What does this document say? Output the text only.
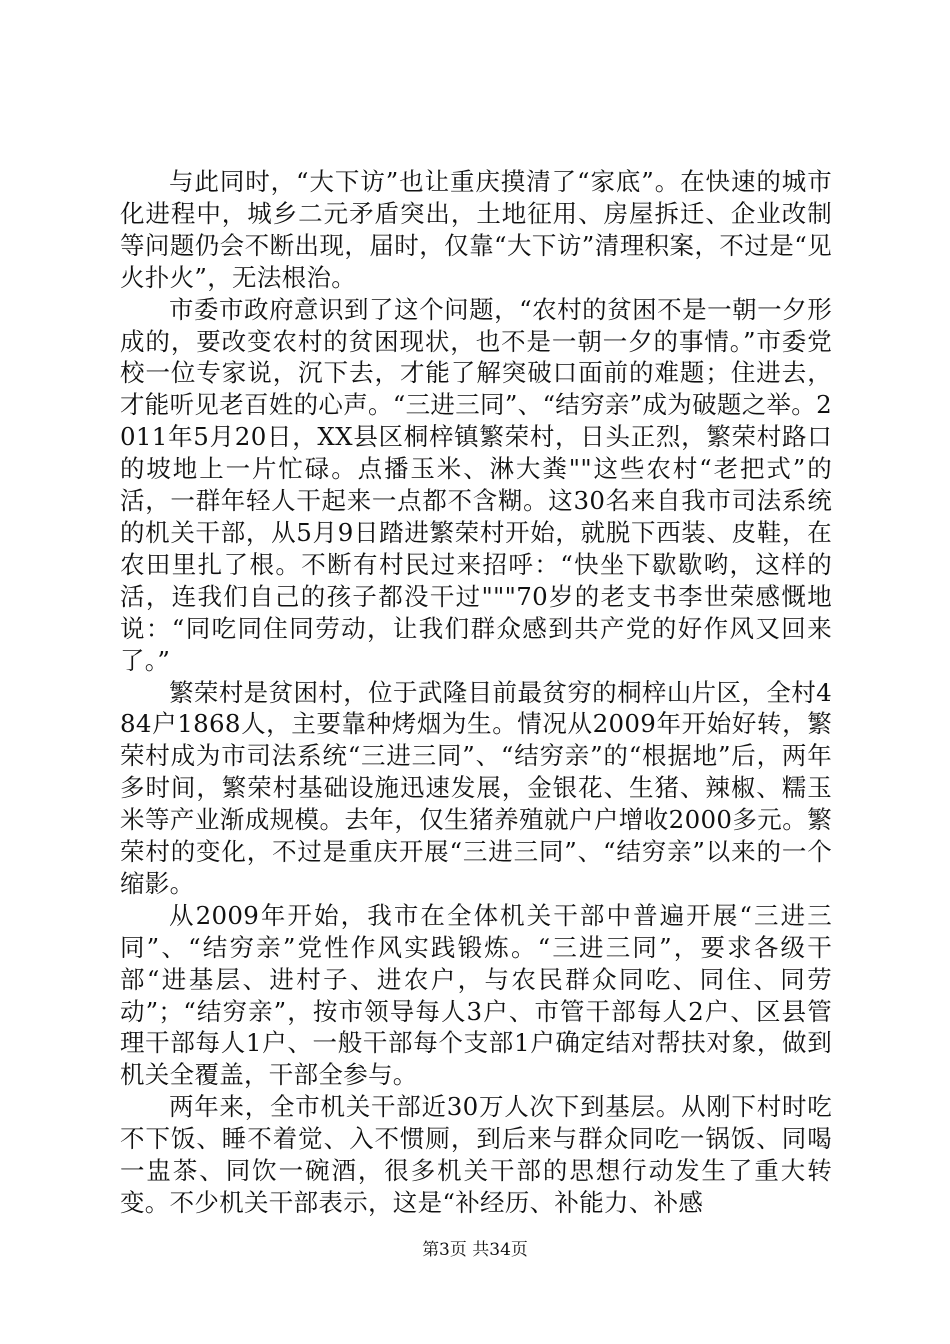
与此同时，“大下访”也让重庆摸清了“家底”。在快速的城市化进程中，城乡二元矛盾突出，土地征用、房屋拆迁、企业改制等问题仍会不断出现，届时，仅靠“大下访”清理积案，不过是“见火扑火”，无法根治。

市委市政府意识到了这个问题，“农村的贫困不是一朝一夕形成的，要改变农村的贫困现状，也不是一朝一夕的事情。”市委党校一位专家说，沉下去，才能了解突破口面前的难题；住进去，才能听见老百姓的心声。“三进三同”、“结穷亲”成为破题之举。2011年5月20日，XX县区桐梓镇繁荣村，日头正烈，繁荣村路口的坡地上一片忙碌。点播玉米、淋大粪""这些农村“老把式”的活，一群年轻人干起来一点都不含糊。这30名来自我市司法系统的机关干部，从5月9日踏进繁荣村开始，就脱下西装、皮鞋，在农田里扎了根。不断有村民过来招呼：“快坐下歇歇哟，这样的活，连我们自己的孩子都没干过"""70岁的老支书李世荣感慨地说：“同吃同住同劳动，让我们群众感到共产党的好作风又回来了。”

繁荣村是贫困村，位于武隆目前最贫穷的桐梓山片区，全村484户1868人，主要靠种烤烟为生。情况从2009年开始好转，繁荣村成为市司法系统“三进三同”、“结穷亲”的“根据地”后，两年多时间，繁荣村基础设施迅速发展，金银花、生猪、辣椒、糯玉米等产业渐成规模。去年，仅生猪养殖就户户增收2000多元。繁荣村的变化，不过是重庆开展“三进三同”、“结穷亲”以来的一个缩影。

从2009年开始，我市在全体机关干部中普遍开展“三进三同”、“结穷亲”党性作风实践锻炼。“三进三同”，要求各级干部“进基层、进村子、进农户，与农民群众同吃、同住、同劳动”；“结穷亲”，按市领导每人3户、市管干部每人2户、区县管理干部每人1户、一般干部每个支部1户确定结对帮扶对象，做到机关全覆盖，干部全参与。

两年来，全市机关干部近30万人次下到基层。从刚下村时吃不下饭、睡不着觉、入不惯厕，到后来与群众同吃一锅饭、同喝一盅茶、同饮一碗酒，很多机关干部的思想行动发生了重大转变。不少机关干部表示，这是“补经历、补能力、补感

第3页 共34页
